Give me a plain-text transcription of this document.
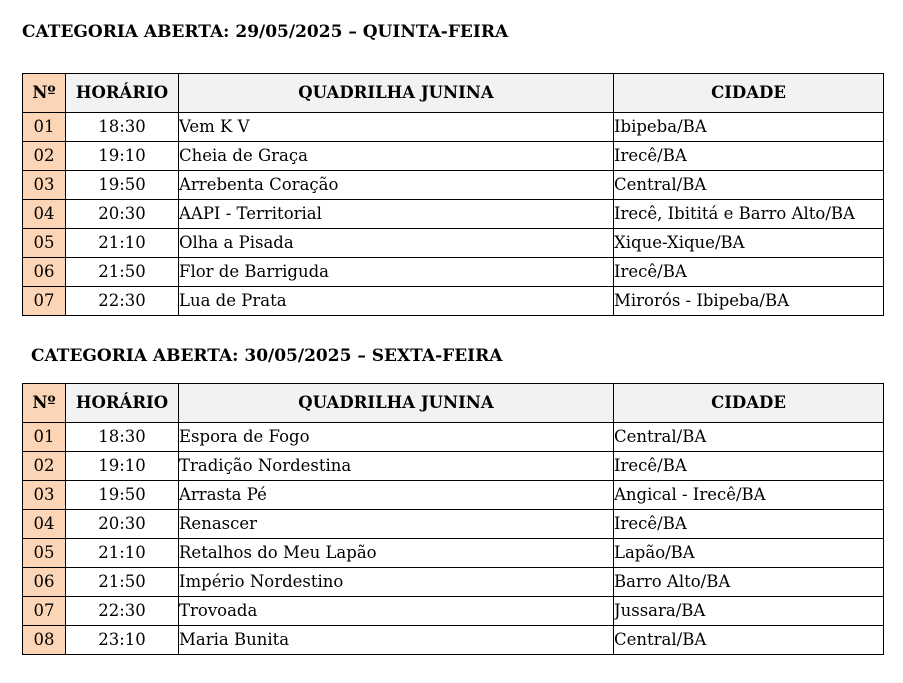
CATEGORIA ABERTA: 29/05/2025 – QUINTA-FEIRA
Nº	HORÁRIO	QUADRILHA JUNINA	CIDADE
01	18:30	Vem K V	Ibipeba/BA
02	19:10	Cheia de Graça	Irecê/BA
03	19:50	Arrebenta Coração	Central/BA
04	20:30	AAPI - Territorial	Irecê, Ibititá e Barro Alto/BA
05	21:10	Olha a Pisada	Xique-Xique/BA
06	21:50	Flor de Barriguda	Irecê/BA
07	22:30	Lua de Prata	Mirorós - Ibipeba/BA
CATEGORIA ABERTA: 30/05/2025 – SEXTA-FEIRA
Nº	HORÁRIO	QUADRILHA JUNINA	CIDADE
01	18:30	Espora de Fogo	Central/BA
02	19:10	Tradição Nordestina	Irecê/BA
03	19:50	Arrasta Pé	Angical - Irecê/BA
04	20:30	Renascer	Irecê/BA
05	21:10	Retalhos do Meu Lapão	Lapão/BA
06	21:50	Império Nordestino	Barro Alto/BA
07	22:30	Trovoada	Jussara/BA
08	23:10	Maria Bunita	Central/BA
